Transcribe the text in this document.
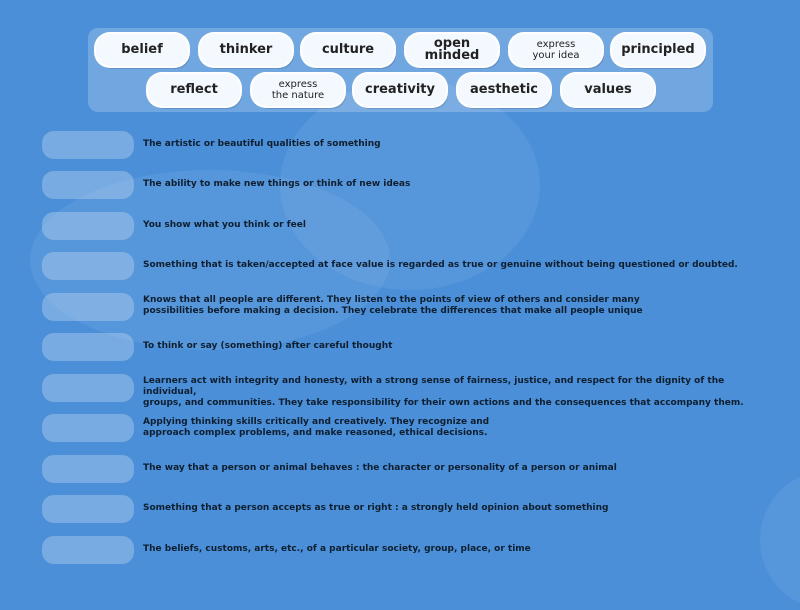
belief	thinker	culture	open minded
express
your idea	principled
reflect	express
the nature	creativity	aesthetic	values
The artistic or beautiful qualities of something
The ability to make new things or think of new ideas
You show what you think or feel
Something that is taken/accepted at face value is regarded as true or genuine without being questioned or doubted.
Knows that all people are different. They listen to the points of view of others and consider many
possibilities before making a decision. They celebrate the differences that make all people unique
To think or say (something) after careful thought
Learners act with integrity and honesty, with a strong sense of fairness, justice, and respect for the dignity of the individual,
groups, and communities. They take responsibility for their own actions and the consequences that accompany them.
Applying thinking skills critically and creatively. They recognize and
approach complex problems, and make reasoned, ethical decisions.
The way that a person or animal behaves : the character or personality of a person or animal
Something that a person accepts as true or right : a strongly held opinion about something
The beliefs, customs, arts, etc., of a particular society, group, place, or time
